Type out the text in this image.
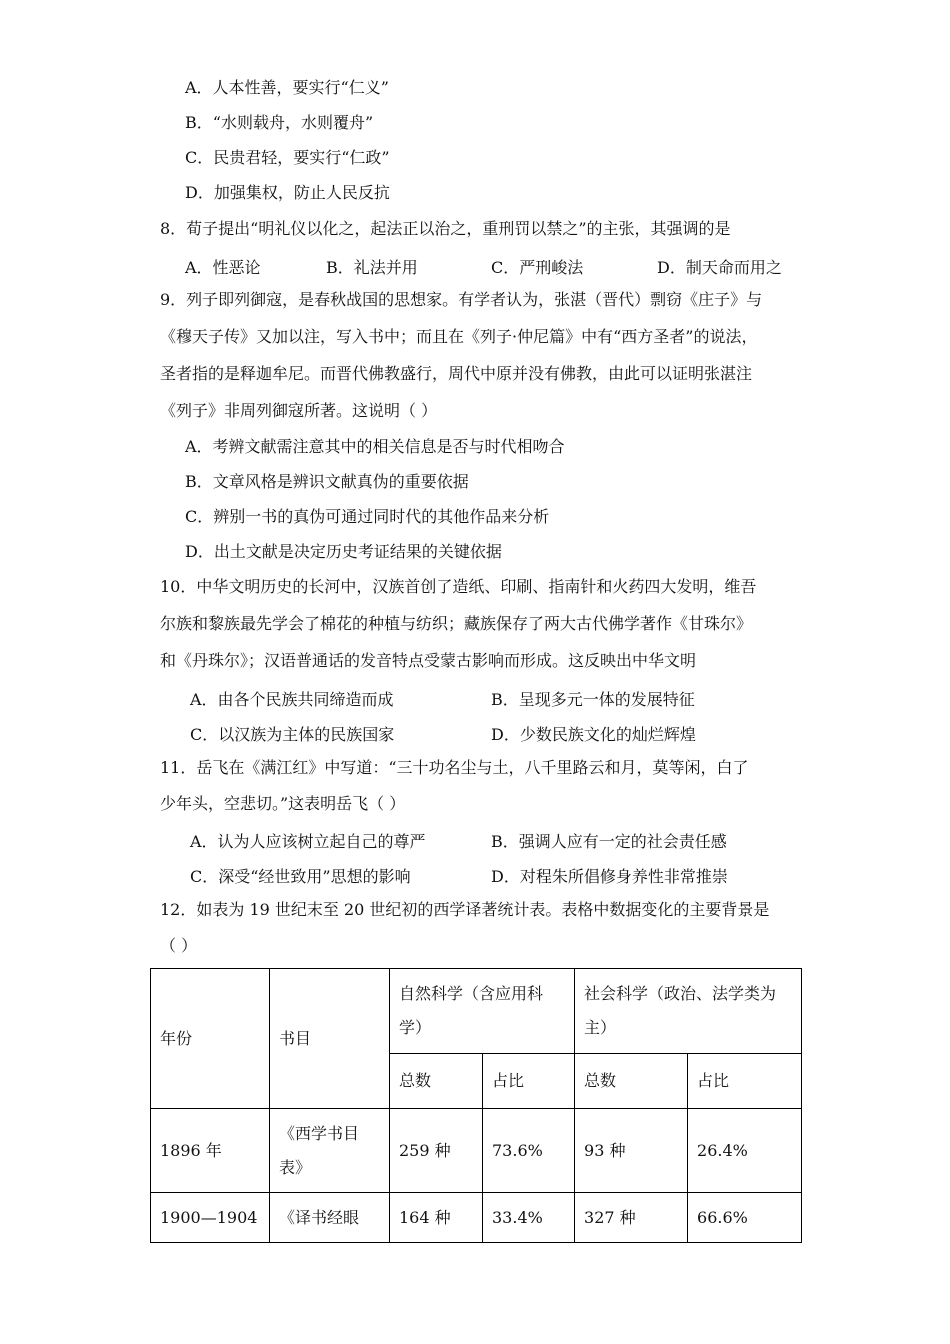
A．人本性善，要实行“仁义”
B．“水则载舟，水则覆舟”
C．民贵君轻，要实行“仁政”
D．加强集权，防止人民反抗
8．荀子提出“明礼仪以化之，起法正以治之，重刑罚以禁之”的主张，其强调的是
A．性恶论	B．礼法并用	C．严刑峻法	D．制天命而用之
9．列子即列御寇，是春秋战国的思想家。有学者认为，张湛（晋代）剽窃《庄子》与
《穆天子传》又加以注，写入书中；而且在《列子·仲尼篇》中有“西方圣者”的说法，
圣者指的是释迦牟尼。而晋代佛教盛行，周代中原并没有佛教，由此可以证明张湛注
《列子》非周列御寇所著。这说明（ ）
A．考辨文献需注意其中的相关信息是否与时代相吻合
B．文章风格是辨识文献真伪的重要依据
C．辨别一书的真伪可通过同时代的其他作品来分析
D．出土文献是决定历史考证结果的关键依据
10．中华文明历史的长河中，汉族首创了造纸、印刷、指南针和火药四大发明，维吾
尔族和黎族最先学会了棉花的种植与纺织；藏族保存了两大古代佛学著作《甘珠尔》
和《丹珠尔》；汉语普通话的发音特点受蒙古影响而形成。这反映出中华文明
A．由各个民族共同缔造而成	B．呈现多元一体的发展特征
C．以汉族为主体的民族国家	D．少数民族文化的灿烂辉煌
11．岳飞在《满江红》中写道：“三十功名尘与土，八千里路云和月，莫等闲，白了
少年头，空悲切。”这表明岳飞（ ）
A．认为人应该树立起自己的尊严	B．强调人应有一定的社会责任感
C．深受“经世致用”思想的影响	D．对程朱所倡修身养性非常推崇
12．如表为 19 世纪末至 20 世纪初的西学译著统计表。表格中数据变化的主要背景是
（ ）
年份	书目	自然科学（含应用科学）		社会科学（政治、法学类为主）	
		总数	占比	总数	占比
1896 年	《西学书目表》	259 种	73.6%	93 种	26.4%
1900—1904	《译书经眼	164 种	33.4%	327 种	66.6%
